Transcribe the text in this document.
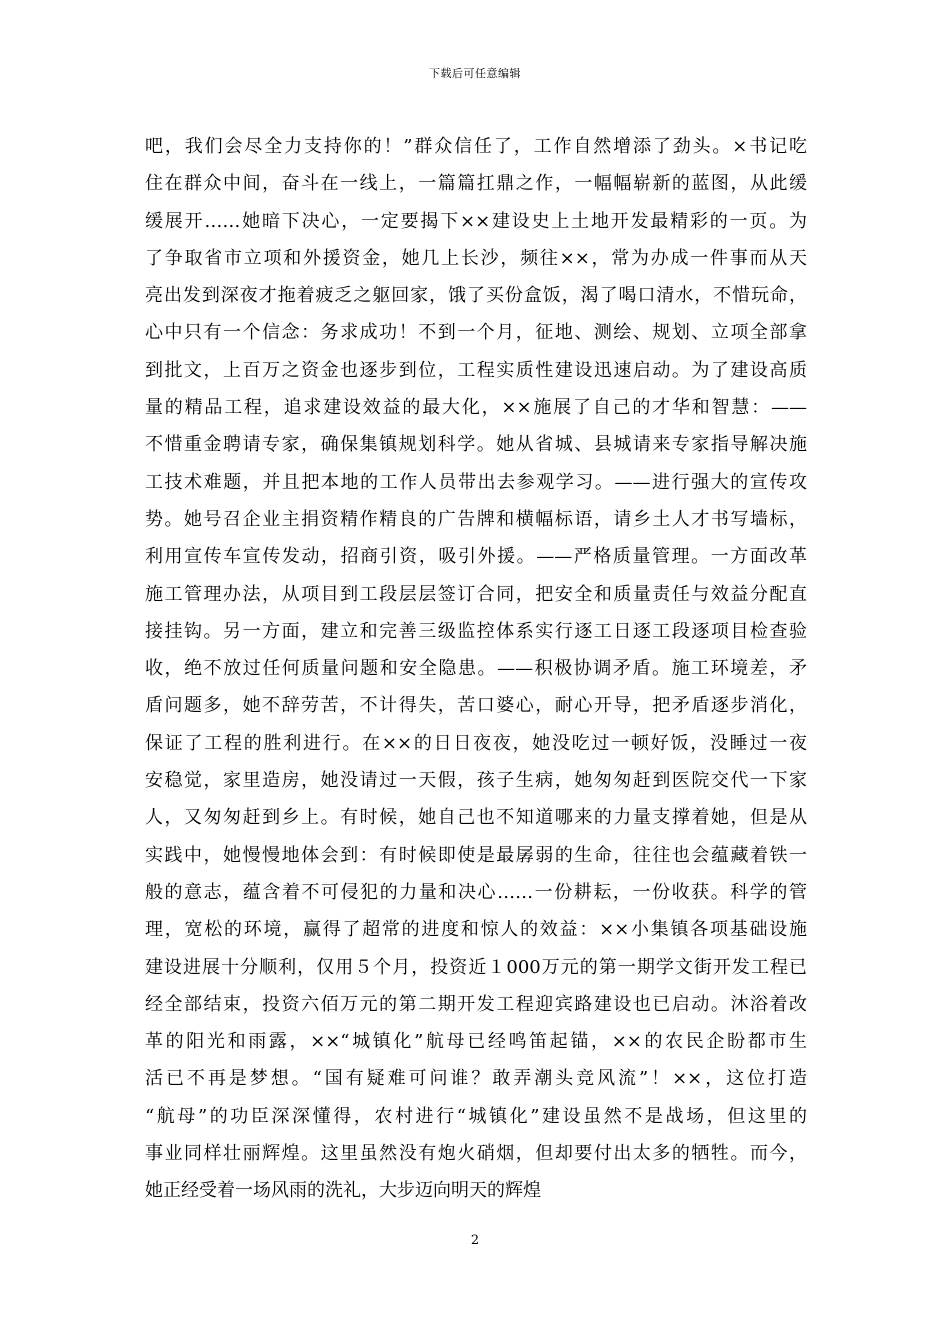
下载后可任意编辑
吧，我们会尽全力支持你的！”群众信任了，工作自然增添了劲头。×书记吃
住在群众中间，奋斗在一线上，一篇篇扛鼎之作，一幅幅崭新的蓝图，从此缓
缓展开……她暗下决心，一定要揭下××建设史上土地开发最精彩的一页。为
了争取省市立项和外援资金，她几上长沙，频往××，常为办成一件事而从天
亮出发到深夜才拖着疲乏之躯回家，饿了买份盒饭，渴了喝口清水，不惜玩命，
心中只有一个信念：务求成功！不到一个月，征地、测绘、规划、立项全部拿
到批文，上百万之资金也逐步到位，工程实质性建设迅速启动。为了建设高质
量的精品工程，追求建设效益的最大化，××施展了自己的才华和智慧：——
不惜重金聘请专家，确保集镇规划科学。她从省城、县城请来专家指导解决施
工技术难题，并且把本地的工作人员带出去参观学习。——进行强大的宣传攻
势。她号召企业主捐资精作精良的广告牌和横幅标语，请乡土人才书写墙标，
利用宣传车宣传发动，招商引资，吸引外援。——严格质量管理。一方面改革
施工管理办法，从项目到工段层层签订合同，把安全和质量责任与效益分配直
接挂钩。另一方面，建立和完善三级监控体系实行逐工日逐工段逐项目检查验
收，绝不放过任何质量问题和安全隐患。——积极协调矛盾。施工环境差，矛
盾问题多，她不辞劳苦，不计得失，苦口婆心，耐心开导，把矛盾逐步消化，
保证了工程的胜利进行。在××的日日夜夜，她没吃过一顿好饭，没睡过一夜
安稳觉，家里造房，她没请过一天假，孩子生病，她匆匆赶到医院交代一下家
人，又匆匆赶到乡上。有时候，她自己也不知道哪来的力量支撑着她，但是从
实践中，她慢慢地体会到：有时候即使是最孱弱的生命，往往也会蕴藏着铁一
般的意志，蕴含着不可侵犯的力量和决心……一份耕耘，一份收获。科学的管
理，宽松的环境，赢得了超常的进度和惊人的效益：××小集镇各项基础设施
建设进展十分顺利，仅用５个月，投资近１000万元的第一期学文街开发工程已
经全部结束，投资六佰万元的第二期开发工程迎宾路建设也已启动。沐浴着改
革的阳光和雨露，××“城镇化”航母已经鸣笛起锚，××的农民企盼都市生
活已不再是梦想。“国有疑难可问谁？敢弄潮头竞风流”！××，这位打造
“航母”的功臣深深懂得，农村进行“城镇化”建设虽然不是战场，但这里的
事业同样壮丽辉煌。这里虽然没有炮火硝烟，但却要付出太多的牺牲。而今，
她正经受着一场风雨的洗礼，大步迈向明天的辉煌
2
